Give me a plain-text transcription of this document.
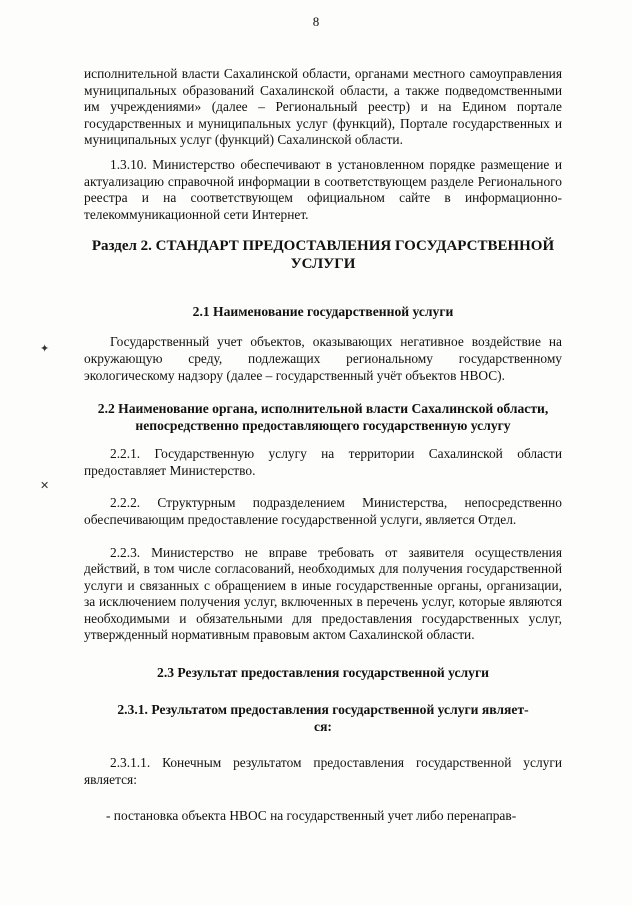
8
✦
✕

исполнительной власти Сахалинской области, органами местного самоуправления муниципальных образований Сахалинской области, а также подведомственными им учреждениями» (далее – Региональный реестр) и на Едином портале государственных и муниципальных услуг (функций), Портале государственных и муниципальных услуг (функций) Сахалинской области.

1.3.10. Министерство обеспечивают в установленном порядке размещение и актуализацию справочной информации в соответствующем разделе Регионального реестра и на соответствующем официальном сайте в информационно-телекоммуникационной сети Интернет.

Раздел 2. СТАНДАРТ ПРЕДОСТАВЛЕНИЯ ГОСУДАРСТВЕННОЙ УСЛУГИ
2.1 Наименование государственной услуги

Государственный учет объектов, оказывающих негативное воздействие на окружающую среду, подлежащих региональному государственному экологическому надзору (далее – государственный учёт объектов НВОС).

2.2 Наименование органа, исполнительной власти Сахалинской области, непосредственно предоставляющего государственную услугу

2.2.1. Государственную услугу на территории Сахалинской области предоставляет Министерство.

2.2.2. Структурным подразделением Министерства, непосредственно обеспечивающим предоставление государственной услуги, является Отдел.

2.2.3. Министерство не вправе требовать от заявителя осуществления действий, в том числе согласований, необходимых для получения государственной услуги и связанных с обращением в иные государственные органы, организации, за исключением получения услуг, включенных в перечень услуг, которые являются необходимыми и обязательными для предоставления государственных услуг, утвержденный нормативным правовым актом Сахалинской области.

2.3 Результат предоставления государственной услуги
2.3.1. Результатом предоставления государственной услуги являет-ся:

2.3.1.1. Конечным результатом предоставления государственной услуги является:

- постановка объекта НВОС на государственный учет либо перенаправ-
